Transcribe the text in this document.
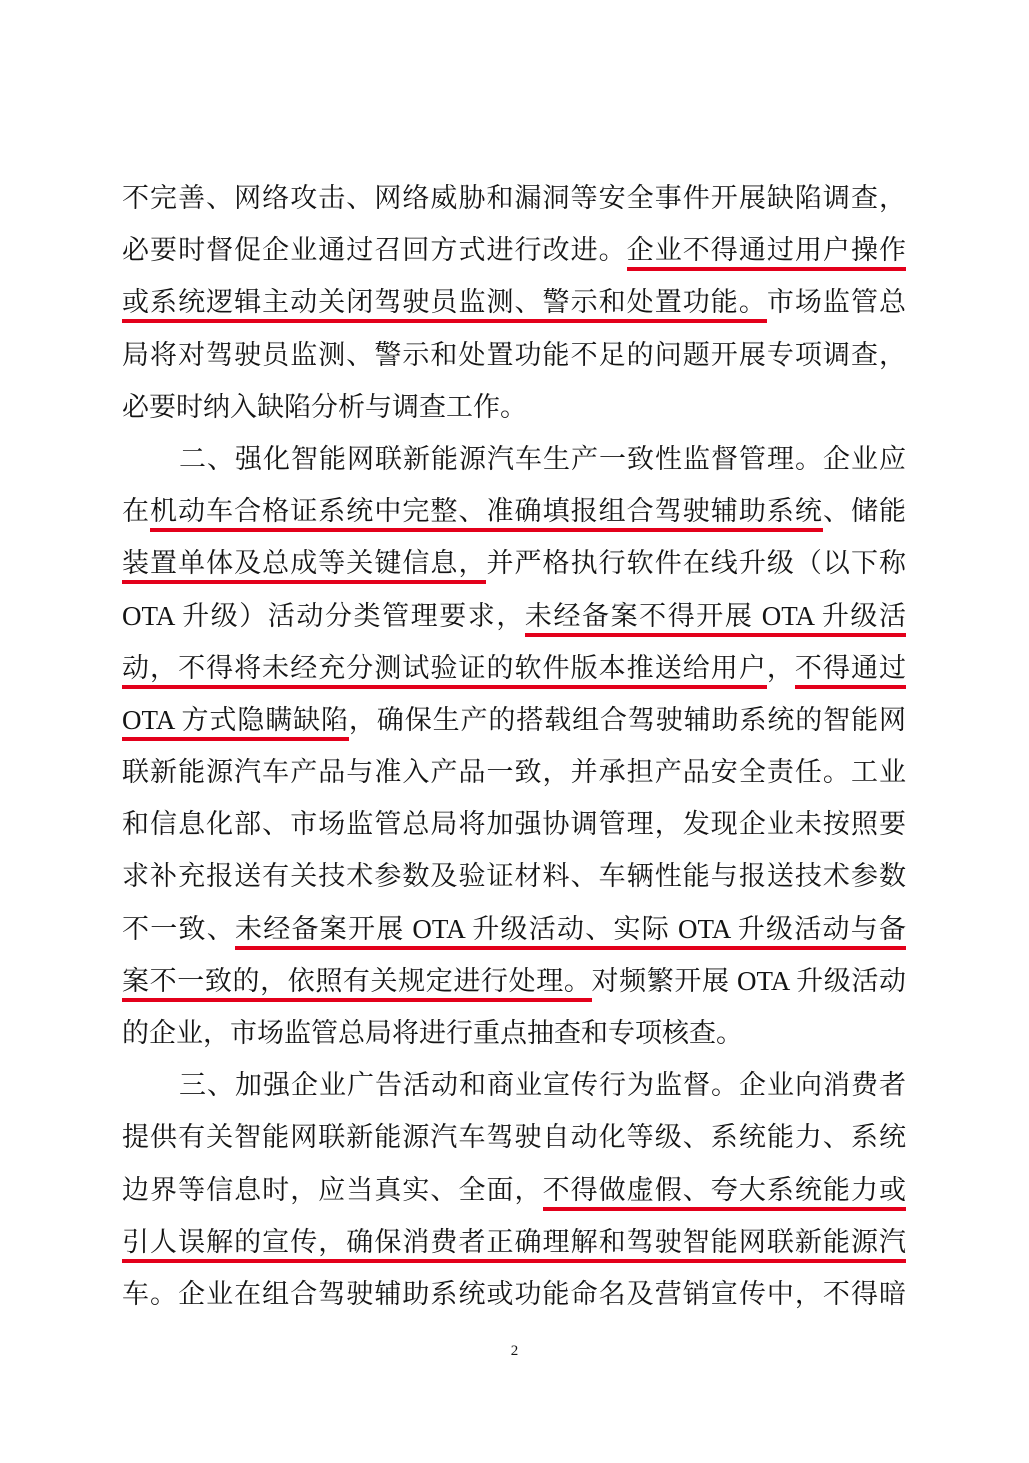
不完善、网络攻击、网络威胁和漏洞等安全事件开展缺陷调查，
必要时督促企业通过召回方式进行改进。企业不得通过用户操作
或系统逻辑主动关闭驾驶员监测、警示和处置功能。市场监管总
局将对驾驶员监测、警示和处置功能不足的问题开展专项调查，
必要时纳入缺陷分析与调查工作。
二、强化智能网联新能源汽车生产一致性监督管理。企业应
在机动车合格证系统中完整、准确填报组合驾驶辅助系统、储能
装置单体及总成等关键信息，并严格执行软件在线升级（以下称
OTA 升级）活动分类管理要求，未经备案不得开展 OTA 升级活
动，不得将未经充分测试验证的软件版本推送给用户，不得通过
OTA 方式隐瞒缺陷，确保生产的搭载组合驾驶辅助系统的智能网
联新能源汽车产品与准入产品一致，并承担产品安全责任。工业
和信息化部、市场监管总局将加强协调管理，发现企业未按照要
求补充报送有关技术参数及验证材料、车辆性能与报送技术参数
不一致、未经备案开展 OTA 升级活动、实际 OTA 升级活动与备
案不一致的，依照有关规定进行处理。对频繁开展 OTA 升级活动
的企业，市场监管总局将进行重点抽查和专项核查。
三、加强企业广告活动和商业宣传行为监督。企业向消费者
提供有关智能网联新能源汽车驾驶自动化等级、系统能力、系统
边界等信息时，应当真实、全面，不得做虚假、夸大系统能力或
引人误解的宣传，确保消费者正确理解和驾驶智能网联新能源汽
车。企业在组合驾驶辅助系统或功能命名及营销宣传中，不得暗
2
